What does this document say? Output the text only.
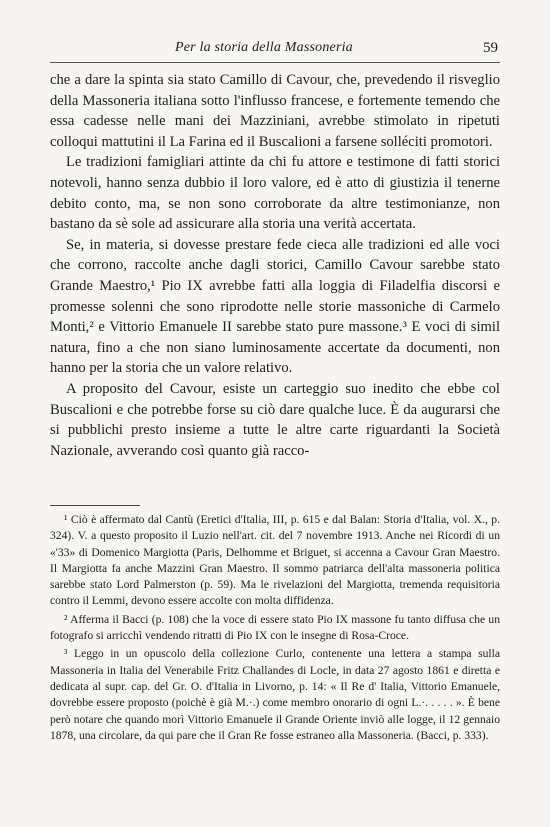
Per la storia della Massoneria	59

che a dare la spinta sia stato Camillo di Cavour, che, prevedendo il risveglio della Massoneria italiana sotto l'influsso francese, e fortemente temendo che essa cadesse nelle mani dei Mazziniani, avrebbe stimolato in ripetuti colloqui mattutini il La Farina ed il Buscalioni a farsene solléciti promotori.

Le tradizioni famigliari attinte da chi fu attore e testimone di fatti storici notevoli, hanno senza dubbio il loro valore, ed è atto di giustizia il tenerne debito conto, ma, se non sono corroborate da altre testimonianze, non bastano da sè sole ad assicurare alla storia una verità accertata.

Se, in materia, si dovesse prestare fede cieca alle tradizioni ed alle voci che corrono, raccolte anche dagli storici, Camillo Cavour sarebbe stato Grande Maestro,¹ Pio IX avrebbe fatti alla loggia di Filadelfia discorsi e promesse solenni che sono riprodotte nelle storie massoniche di Carmelo Monti,² e Vittorio Emanuele II sarebbe stato pure massone.³ E voci di simil natura, fino a che non siano luminosamente accertate da documenti, non hanno per la storia che un valore relativo.

A proposito del Cavour, esiste un carteggio suo inedito che ebbe col Buscalioni e che potrebbe forse su ciò dare qualche luce. È da augurarsi che si pubblichi presto insieme a tutte le altre carte riguardanti la Società Nazionale, avverando così quanto già racco-

¹ Ciò è affermato dal Cantù (Eretici d'Italia, III, p. 615 e dal Balan: Storia d'Italia, vol. X., p. 324). V. a questo proposito il Luzio nell'art. cit. del 7 novembre 1913. Anche nei Ricordi di un «'33» di Domenico Margiotta (Paris, Delhomme et Briguet, si accenna a Cavour Gran Maestro. Il Margiotta fa anche Mazzini Gran Maestro. Il sommo patriarca dell'alta massoneria politica sarebbe stato Lord Palmerston (p. 59). Ma le rivelazioni del Margiotta, tremenda requisitoria contro il Lemmi, devono essere accolte con molta diffidenza.

² Afferma il Bacci (p. 108) che la voce di essere stato Pio IX massone fu tanto diffusa che un fotografo si arricchì vendendo ritratti di Pio IX con le insegne di Rosa-Croce.

³ Leggo in un opuscolo della collezione Curlo, contenente una lettera a stampa sulla Massoneria in Italia del Venerabile Fritz Challandes di Locle, in data 27 agosto 1861 e diretta e dedicata al supr. cap. del Gr. O. d'Italia in Livorno, p. 14: « Il Re d' Italia, Vittorio Emanuele, dovrebbe essere proposto (poichè è già M.·.) come membro onorario di ogni L.·. . . . . ». È bene però notare che quando morì Vittorio Emanuele il Grande Oriente inviò alle logge, il 12 gennaio 1878, una circolare, da qui pare che il Gran Re fosse estraneo alla Massoneria. (Bacci, p. 333).
